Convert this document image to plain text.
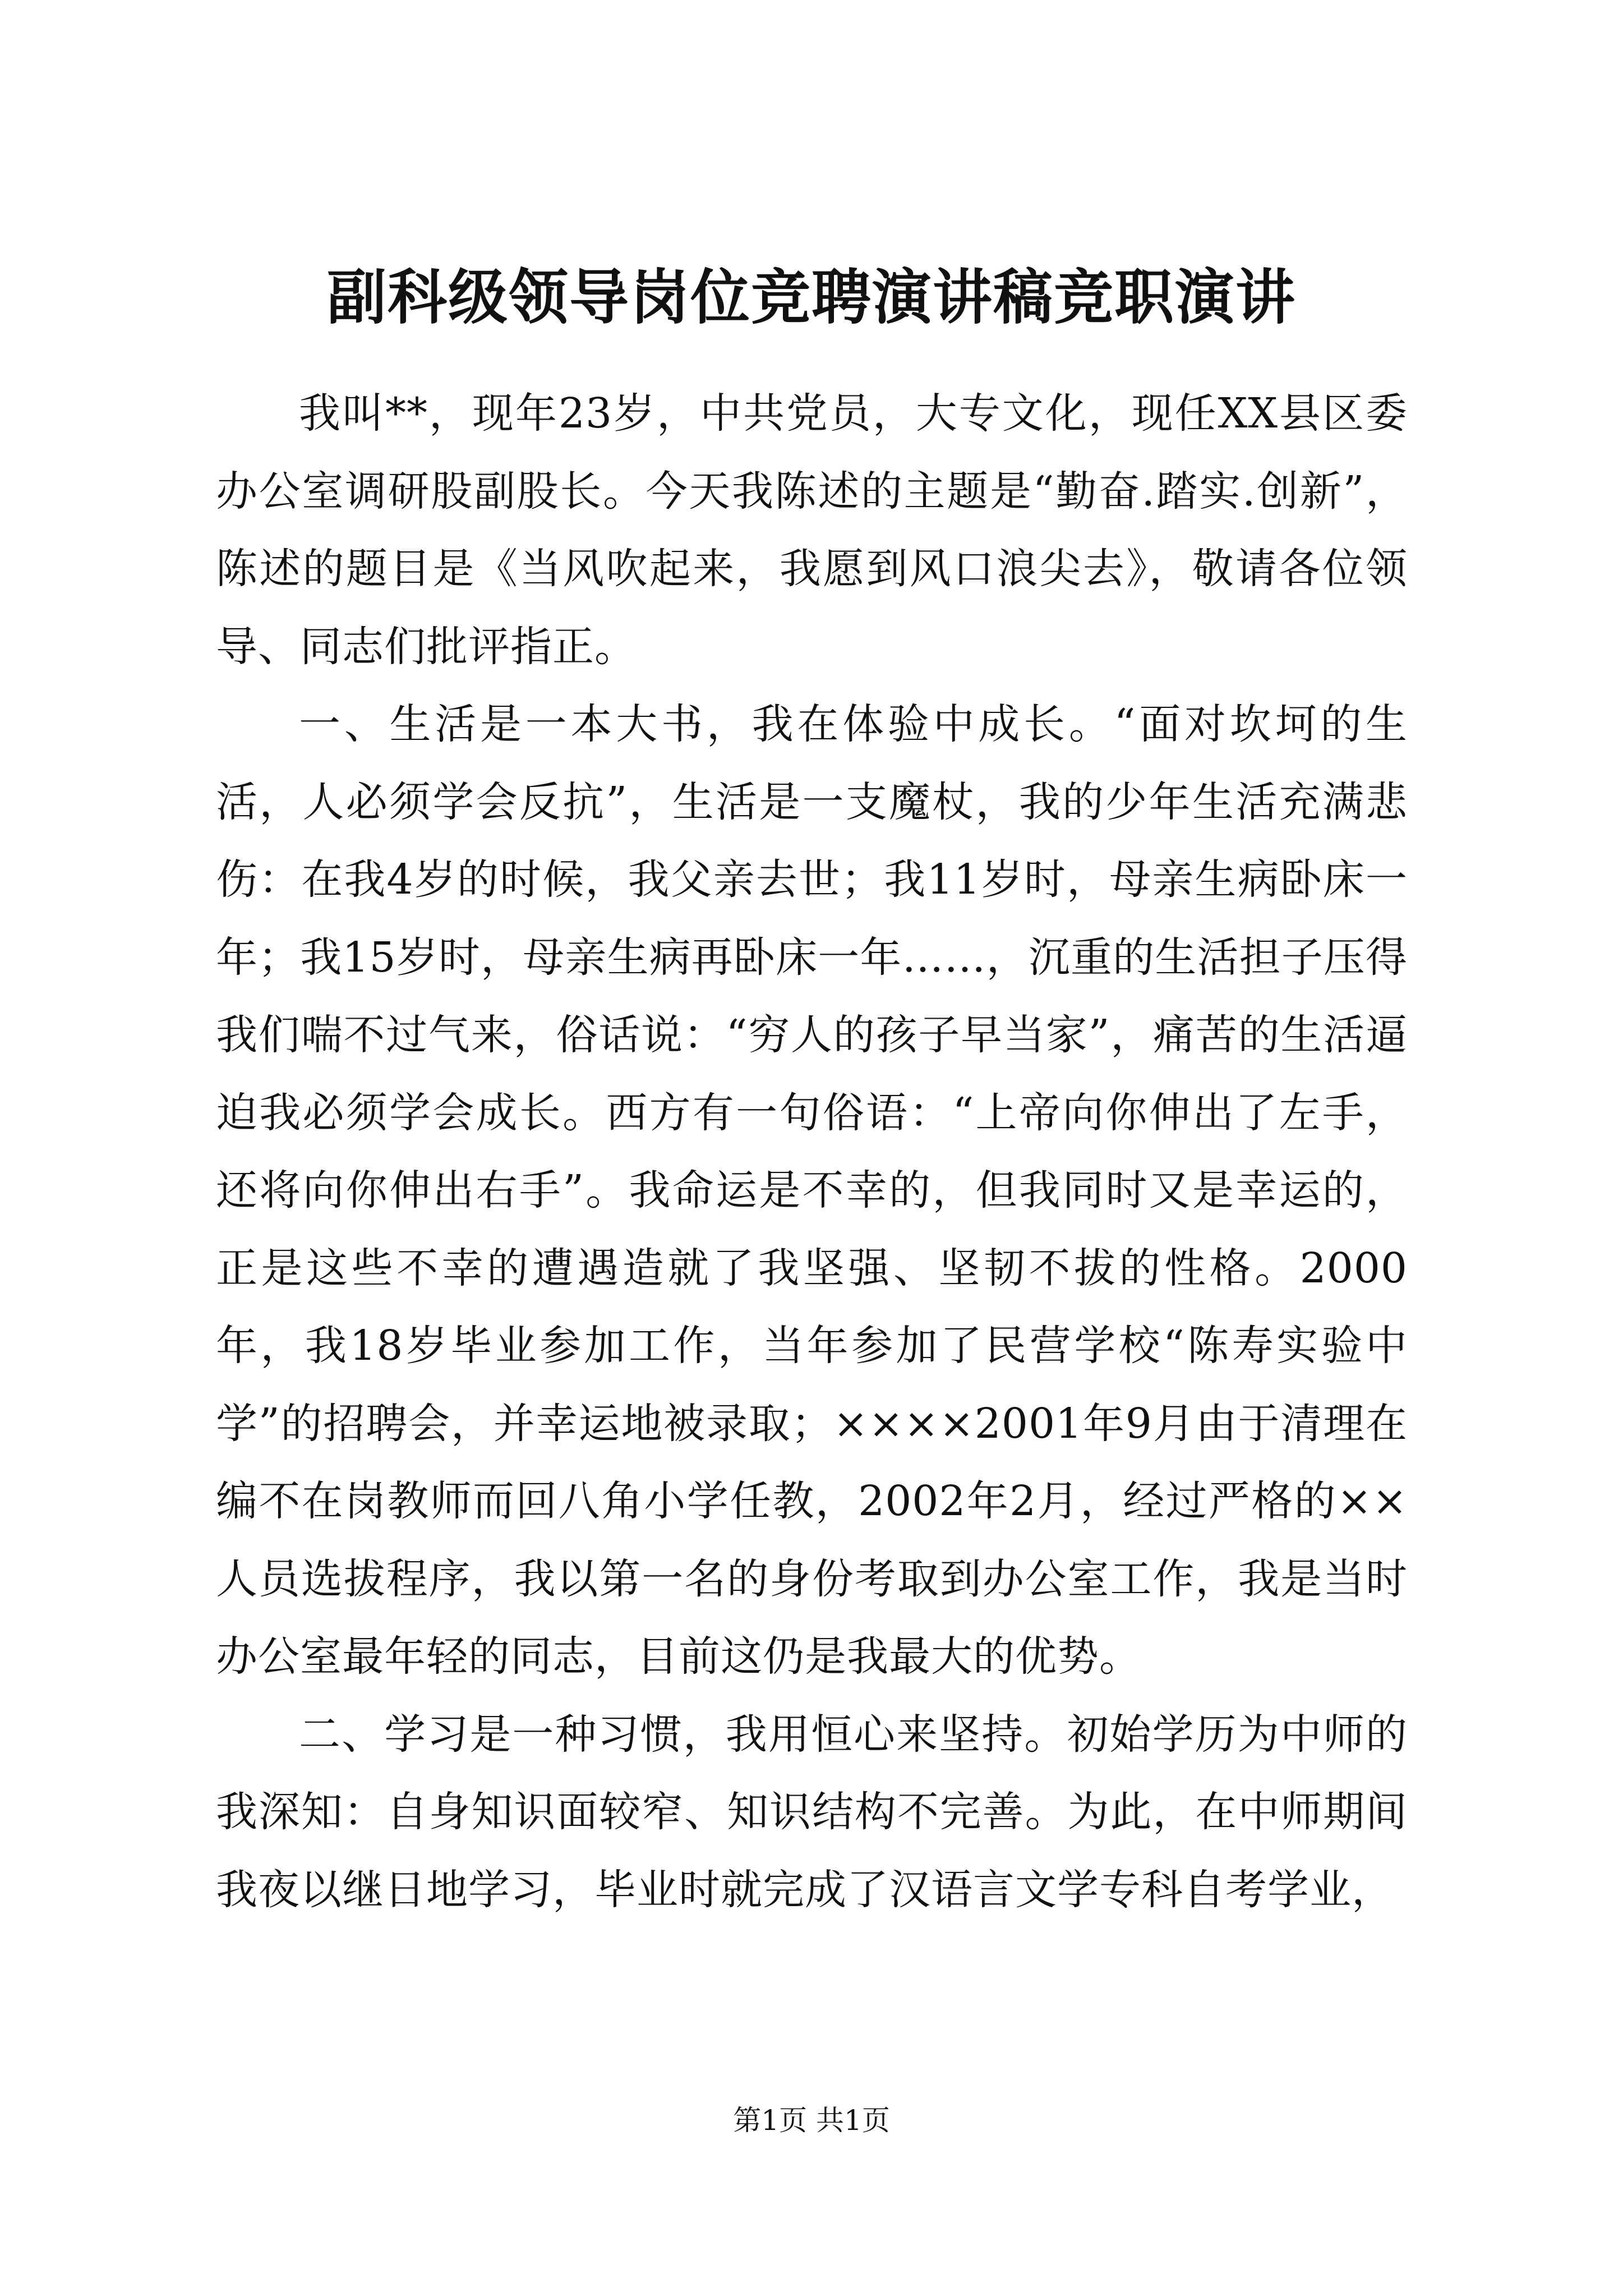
副科级领导岗位竞聘演讲稿竞职演讲

我叫**，现年23岁，中共党员，大专文化，现任XX县区委办公室调研股副股长。今天我陈述的主题是“勤奋.踏实.创新”，陈述的题目是《当风吹起来，我愿到风口浪尖去》，敬请各位领导、同志们批评指正。

一、生活是一本大书，我在体验中成长。“面对坎坷的生活，人必须学会反抗”，生活是一支魔杖，我的少年生活充满悲伤：在我4岁的时候，我父亲去世；我11岁时，母亲生病卧床一年；我15岁时，母亲生病再卧床一年……，沉重的生活担子压得我们喘不过气来，俗话说：“穷人的孩子早当家”，痛苦的生活逼迫我必须学会成长。西方有一句俗语：“上帝向你伸出了左手，还将向你伸出右手”。我命运是不幸的，但我同时又是幸运的，正是这些不幸的遭遇造就了我坚强、坚韧不拔的性格。2000年，我18岁毕业参加工作，当年参加了民营学校“陈寿实验中学”的招聘会，并幸运地被录取；××××2001年9月由于清理在编不在岗教师而回八角小学任教，2002年2月，经过严格的××人员选拔程序，我以第一名的身份考取到办公室工作，我是当时办公室最年轻的同志，目前这仍是我最大的优势。

二、学习是一种习惯，我用恒心来坚持。初始学历为中师的我深知：自身知识面较窄、知识结构不完善。为此，在中师期间我夜以继日地学习，毕业时就完成了汉语言文学专科自考学业，

第1页 共1页
